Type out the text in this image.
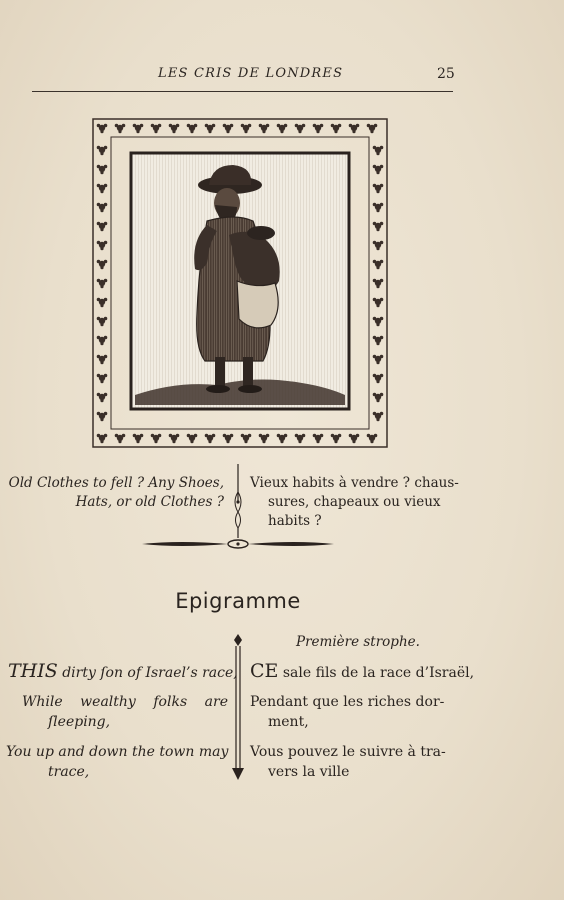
LES CRIS DE LONDRES	25
Old Clothes to fell ? Any Shoes,
Hats, or old Clothes ?
Vieux habits à vendre ? chaus-
sures, chapeaux ou vieux
habits ?
Epigramme
Première strophe.
THIS dirty ſon of Israel’s race,
While wealthy folks are
ſleeping,
You up and down the town may
trace,
CE sale fils de la race d’Israël,
Pendant que les riches dor-
ment,
Vous pouvez le suivre à tra-
vers la ville
